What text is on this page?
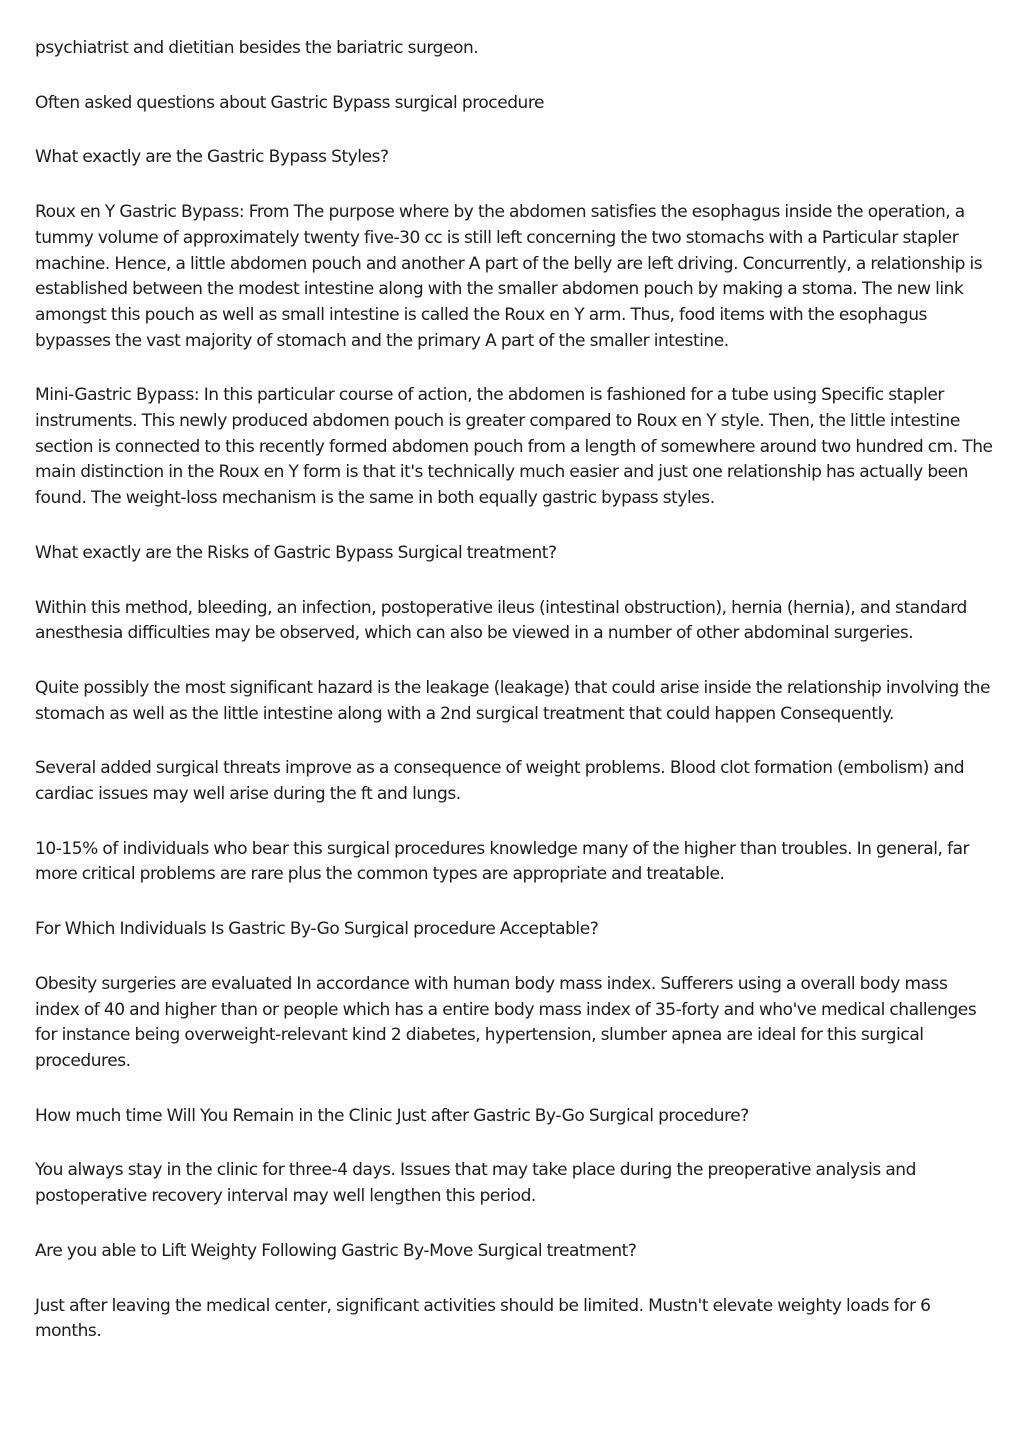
psychiatrist and dietitian besides the bariatric surgeon.

Often asked questions about Gastric Bypass surgical procedure

What exactly are the Gastric Bypass Styles?

Roux en Y Gastric Bypass: From The purpose where by the abdomen satisfies the esophagus inside the operation, a tummy volume of approximately twenty five-30 cc is still left concerning the two stomachs with a Particular stapler machine. Hence, a little abdomen pouch and another A part of the belly are left driving. Concurrently, a relationship is established between the modest intestine along with the smaller abdomen pouch by making a stoma. The new link amongst this pouch as well as small intestine is called the Roux en Y arm. Thus, food items with the esophagus bypasses the vast majority of stomach and the primary A part of the smaller intestine.

Mini-Gastric Bypass: In this particular course of action, the abdomen is fashioned for a tube using Specific stapler instruments. This newly produced abdomen pouch is greater compared to Roux en Y style. Then, the little intestine section is connected to this recently formed abdomen pouch from a length of somewhere around two hundred cm. The main distinction in the Roux en Y form is that it's technically much easier and just one relationship has actually been found. The weight-loss mechanism is the same in both equally gastric bypass styles.

What exactly are the Risks of Gastric Bypass Surgical treatment?

Within this method, bleeding, an infection, postoperative ileus (intestinal obstruction), hernia (hernia), and standard anesthesia difficulties may be observed, which can also be viewed in a number of other abdominal surgeries.

Quite possibly the most significant hazard is the leakage (leakage) that could arise inside the relationship involving the stomach as well as the little intestine along with a 2nd surgical treatment that could happen Consequently.

Several added surgical threats improve as a consequence of weight problems. Blood clot formation (embolism) and cardiac issues may well arise during the ft and lungs.

10-15% of individuals who bear this surgical procedures knowledge many of the higher than troubles. In general, far more critical problems are rare plus the common types are appropriate and treatable.

For Which Individuals Is Gastric By-Go Surgical procedure Acceptable?

Obesity surgeries are evaluated In accordance with human body mass index. Sufferers using a overall body mass index of 40 and higher than or people which has a entire body mass index of 35-forty and who've medical challenges for instance being overweight-relevant kind 2 diabetes, hypertension, slumber apnea are ideal for this surgical procedures.

How much time Will You Remain in the Clinic Just after Gastric By-Go Surgical procedure?

You always stay in the clinic for three-4 days. Issues that may take place during the preoperative analysis and postoperative recovery interval may well lengthen this period.

Are you able to Lift Weighty Following Gastric By-Move Surgical treatment?

Just after leaving the medical center, significant activities should be limited. Mustn't elevate weighty loads for 6 months.
